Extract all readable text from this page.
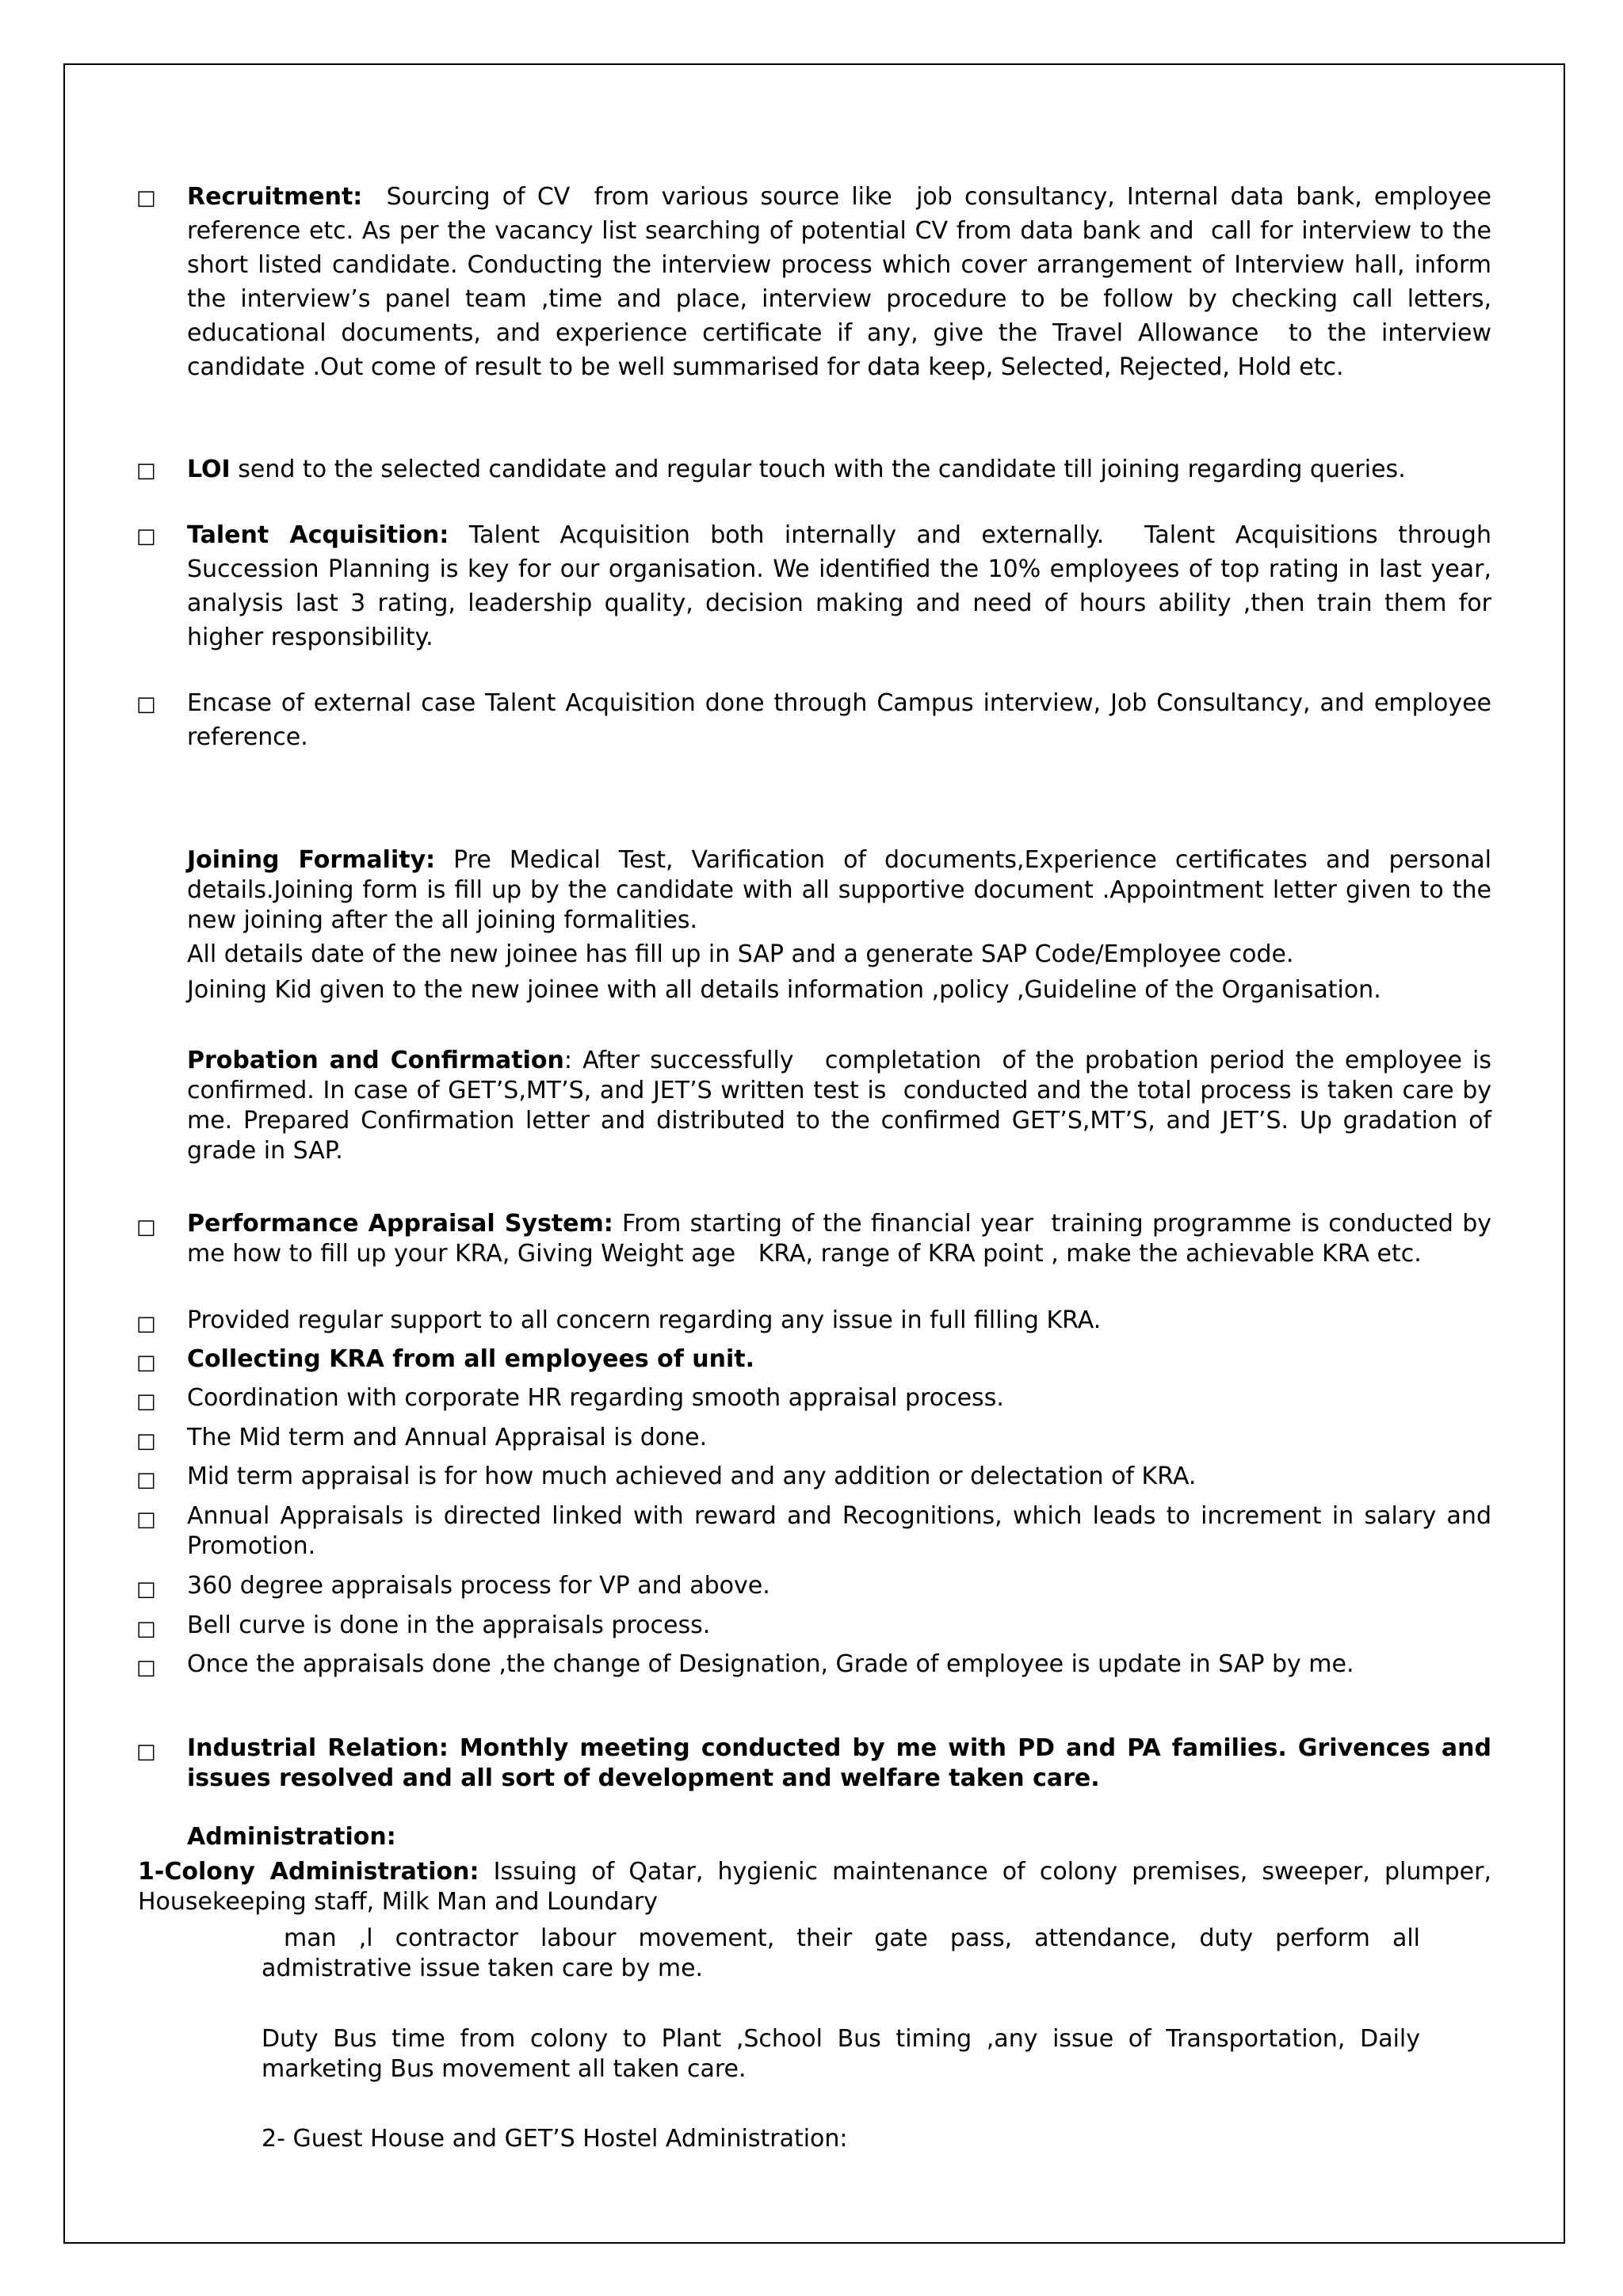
□

Recruitment:  Sourcing of CV  from various source like  job consultancy, Internal data bank, employee reference etc. As per the vacancy list searching of potential CV from data bank and  call for interview to the short listed candidate. Conducting the interview process which cover arrangement of Interview hall, inform the interview’s panel team ,time and place, interview procedure to be follow by checking call letters, educational documents, and experience certificate if any, give the Travel Allowance  to the interview candidate .Out come of result to be well summarised for data keep, Selected, Rejected, Hold etc.

□

LOI send to the selected candidate and regular touch with the candidate till joining regarding queries.

□

Talent Acquisition: Talent Acquisition both internally and externally.  Talent Acquisitions through Succession Planning is key for our organisation. We identified the 10% employees of top rating in last year, analysis last 3 rating, leadership quality, decision making and need of hours ability ,then train them for higher responsibility.

□

Encase of external case Talent Acquisition done through Campus interview, Job Consultancy, and employee reference.

Joining Formality: Pre Medical Test, Varification of documents,Experience certificates and personal details.Joining form is fill up by the candidate with all supportive document .Appointment letter given to the new joining after the all joining formalities.

All details date of the new joinee has fill up in SAP and a generate SAP Code/Employee code.

Joining Kid given to the new joinee with all details information ,policy ,Guideline of the Organisation.

Probation and Confirmation: After successfully   completation  of the probation period the employee is confirmed. In case of GET’S,MT’S, and JET’S written test is  conducted and the total process is taken care by me. Prepared Confirmation letter and distributed to the confirmed GET’S,MT’S, and JET’S. Up gradation of grade in SAP.

□

Performance Appraisal System: From starting of the financial year  training programme is conducted by me how to fill up your KRA, Giving Weight age   KRA, range of KRA point , make the achievable KRA etc.

□

Provided regular support to all concern regarding any issue in full filling KRA.

□

Collecting KRA from all employees of unit.

□

Coordination with corporate HR regarding smooth appraisal process.

□

The Mid term and Annual Appraisal is done.

□

Mid term appraisal is for how much achieved and any addition or delectation of KRA.

□

Annual Appraisals is directed linked with reward and Recognitions, which leads to increment in salary and Promotion.

□

360 degree appraisals process for VP and above.

□

Bell curve is done in the appraisals process.

□

Once the appraisals done ,the change of Designation, Grade of employee is update in SAP by me.

□

Industrial Relation: Monthly meeting conducted by me with PD and PA families. Grivences and issues resolved and all sort of development and welfare taken care.

Administration:

1-Colony Administration: Issuing of Qatar, hygienic maintenance of colony premises, sweeper, plumper, Housekeeping staff, Milk Man and Loundary

man  ,l  contractor  labour  movement,  their  gate  pass,  attendance,  duty  perform  all admistrative issue taken care by me.

Duty Bus time from colony to Plant ,School Bus timing ,any issue of Transportation, Daily marketing Bus movement all taken care.

2- Guest House and GET’S Hostel Administration:
